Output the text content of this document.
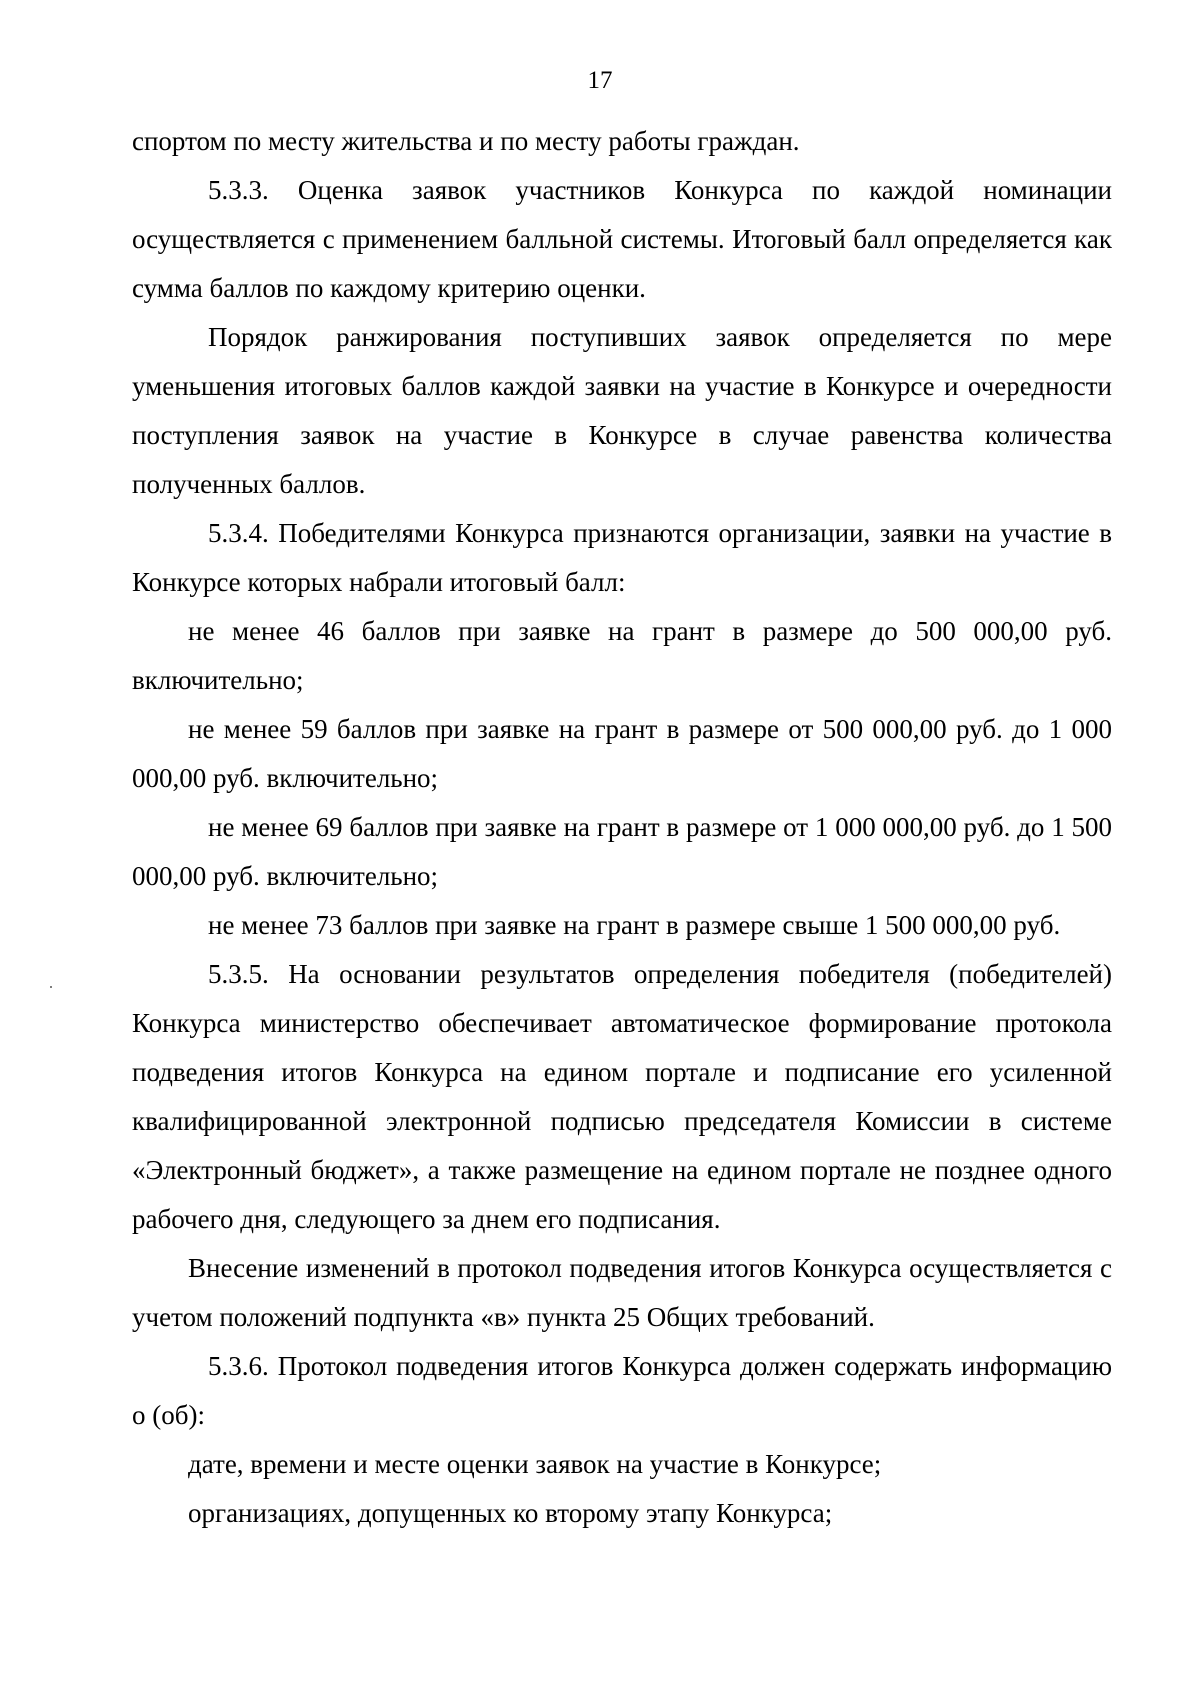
17

спортом по месту жительства и по месту работы граждан.

5.3.3. Оценка заявок участников Конкурса по каждой номинации осуществляется с применением балльной системы. Итоговый балл определяется как сумма баллов по каждому критерию оценки.

Порядок ранжирования поступивших заявок определяется по мере уменьшения итоговых баллов каждой заявки на участие в Конкурсе и очередности поступления заявок на участие в Конкурсе в случае равенства количества полученных баллов.

5.3.4. Победителями Конкурса признаются организации, заявки на участие в Конкурсе которых набрали итоговый балл:

не менее 46 баллов при заявке на грант в размере до 500 000,00 руб. включительно;

не менее 59 баллов при заявке на грант в размере от 500 000,00 руб. до 1 000 000,00 руб. включительно;

не менее 69 баллов при заявке на грант в размере от 1 000 000,00 руб. до 1 500 000,00 руб. включительно;

не менее 73 баллов при заявке на грант в размере свыше 1 500 000,00 руб.

5.3.5. На основании результатов определения победителя (победителей) Конкурса министерство обеспечивает автоматическое формирование протокола подведения итогов Конкурса на едином портале и подписание его усиленной квалифицированной электронной подписью председателя Комиссии в системе «Электронный бюджет», а также размещение на едином портале не позднее одного рабочего дня, следующего за днем его подписания.

Внесение изменений в протокол подведения итогов Конкурса осуществляется с учетом положений подпункта «в» пункта 25 Общих требований.

5.3.6. Протокол подведения итогов Конкурса должен содержать информацию о (об):

дате, времени и месте оценки заявок на участие в Конкурсе;

организациях, допущенных ко второму этапу Конкурса;
